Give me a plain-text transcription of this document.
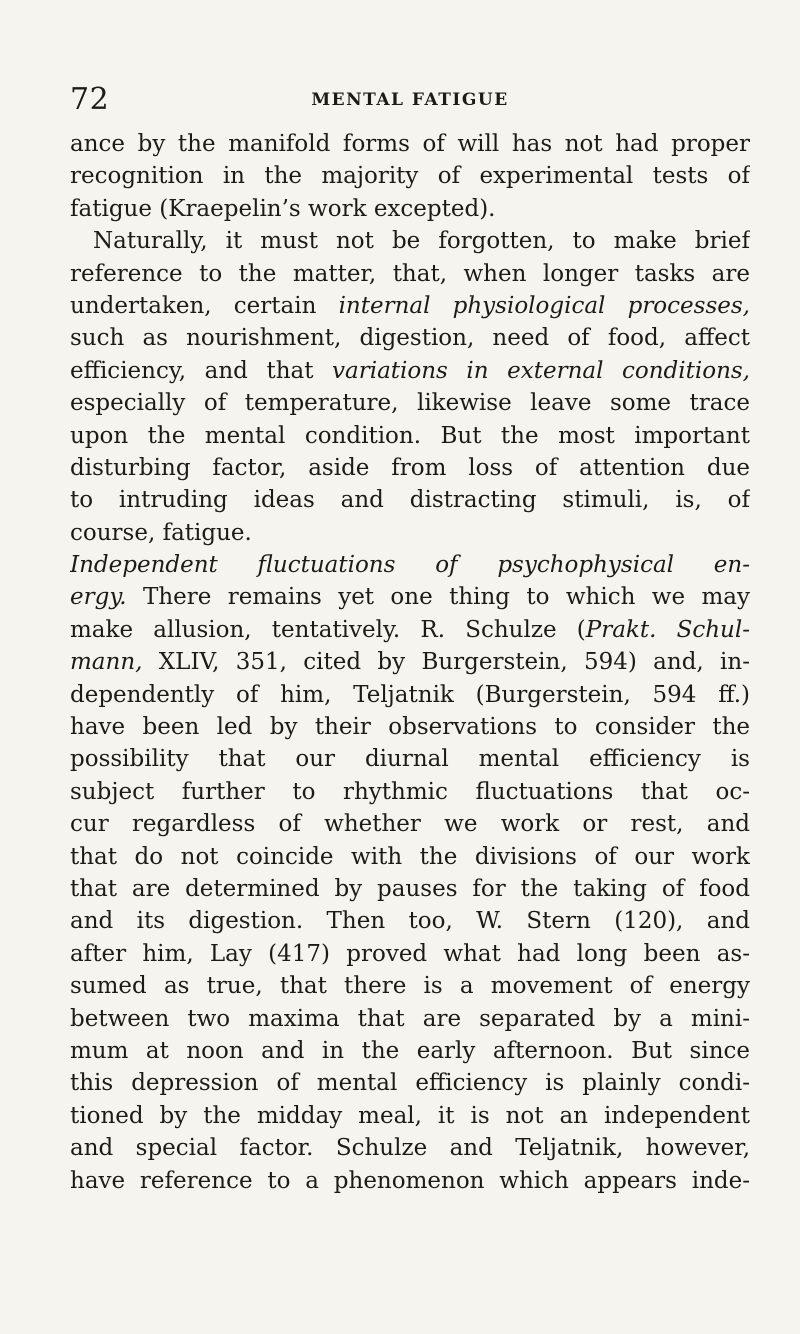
72	MENTAL FATIGUE
ance by the manifold forms of will has not had proper
recognition in the majority of experimental tests of
fatigue (Kraepelin’s work excepted).
 Naturally, it must not be forgotten, to make brief
reference to the matter, that, when longer tasks are
undertaken, certain internal physiological processes,
such as nourishment, digestion, need of food, affect
efficiency, and that variations in external conditions,
especially of temperature, likewise leave some trace
upon the mental condition. But the most important
disturbing factor, aside from loss of attention due
to intruding ideas and distracting stimuli, is, of
course, fatigue.
Independent fluctuations of psychophysical en-
ergy. There remains yet one thing to which we may
make allusion, tentatively. R. Schulze (Prakt. Schul-
mann, XLIV, 351, cited by Burgerstein, 594) and, in-
dependently of him, Teljatnik (Burgerstein, 594 ff.)
have been led by their observations to consider the
possibility that our diurnal mental efficiency is
subject further to rhythmic fluctuations that oc-
cur regardless of whether we work or rest, and
that do not coincide with the divisions of our work
that are determined by pauses for the taking of food
and its digestion. Then too, W. Stern (120), and
after him, Lay (417) proved what had long been as-
sumed as true, that there is a movement of energy
between two maxima that are separated by a mini-
mum at noon and in the early afternoon. But since
this depression of mental efficiency is plainly condi-
tioned by the midday meal, it is not an independent
and special factor. Schulze and Teljatnik, however,
have reference to a phenomenon which appears inde-
